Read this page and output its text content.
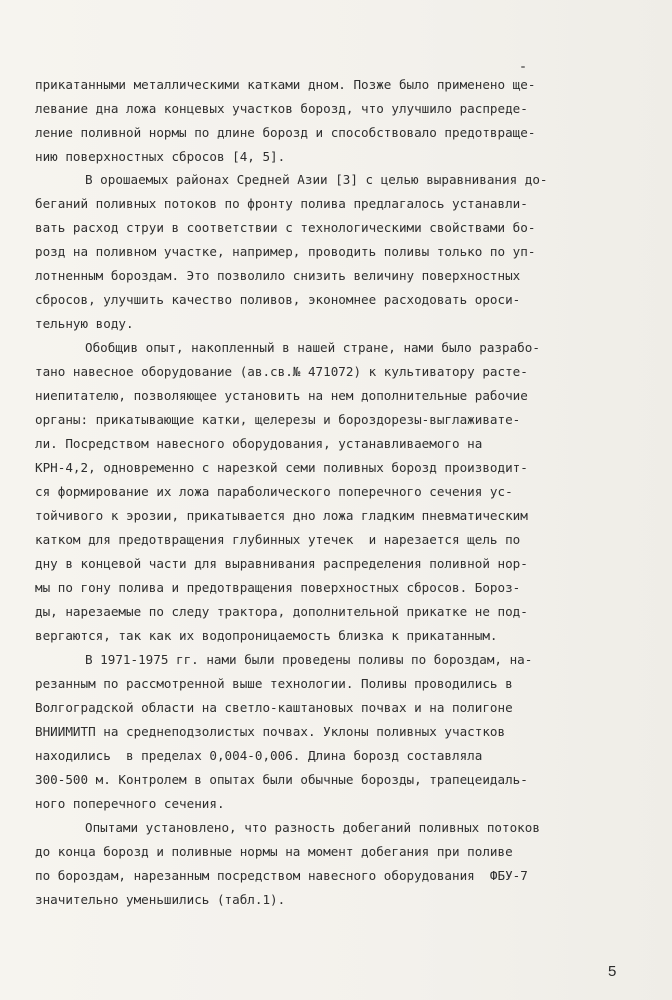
прикатанными металлическими катками дном. Позже было применено ще-
левание дна ложа концевых участков борозд, что улучшило распреде-
ление поливной нормы по длине борозд и способствовало предотвраще-
нию поверхностных сбросов [4, 5].
В орошаемых районах Средней Азии [3] с целью выравнивания до-
беганий поливных потоков по фронту полива предлагалось устанавли-
вать расход струи в соответствии с технологическими свойствами бо-
розд на поливном участке, например, проводить поливы только по уп-
лотненным бороздам. Это позволило снизить величину поверхностных
сбросов, улучшить качество поливов, экономнее расходовать ороси-
тельную воду.
Обобщив опыт, накопленный в нашей стране, нами было разрабо-
тано навесное оборудование (ав.св.№ 471072) к культиватору расте-
ниепитателю, позволяющее установить на нем дополнительные рабочие
органы: прикатывающие катки, щелерезы и бороздорезы-выглаживате-
ли. Посредством навесного оборудования, устанавливаемого на
КРН-4,2, одновременно с нарезкой семи поливных борозд производит-
ся формирование их ложа параболического поперечного сечения ус-
тойчивого к эрозии, прикатывается дно ложа гладким пневматическим
катком для предотвращения глубинных утечек  и нарезается щель по
дну в концевой части для выравнивания распределения поливной нор-
мы по гону полива и предотвращения поверхностных сбросов. Бороз-
ды, нарезаемые по следу трактора, дополнительной прикатке не под-
вергаются, так как их водопроницаемость близка к прикатанным.
В 1971-1975 гг. нами были проведены поливы по бороздам, на-
резанным по рассмотренной выше технологии. Поливы проводились в
Волгоградской области на светло-каштановых почвах и на полигоне
ВНИИМИТП на среднеподзолистых почвах. Уклоны поливных участков
находились  в пределах 0,004-0,006. Длина борозд составляла
300-500 м. Контролем в опытах были обычные борозды, трапецеидаль-
ного поперечного сечения.
Опытами установлено, что разность добеганий поливных потоков
до конца борозд и поливные нормы на момент добегания при поливе
по бороздам, нарезанным посредством навесного оборудования  ФБУ-7
значительно уменьшились (табл.1).
5
